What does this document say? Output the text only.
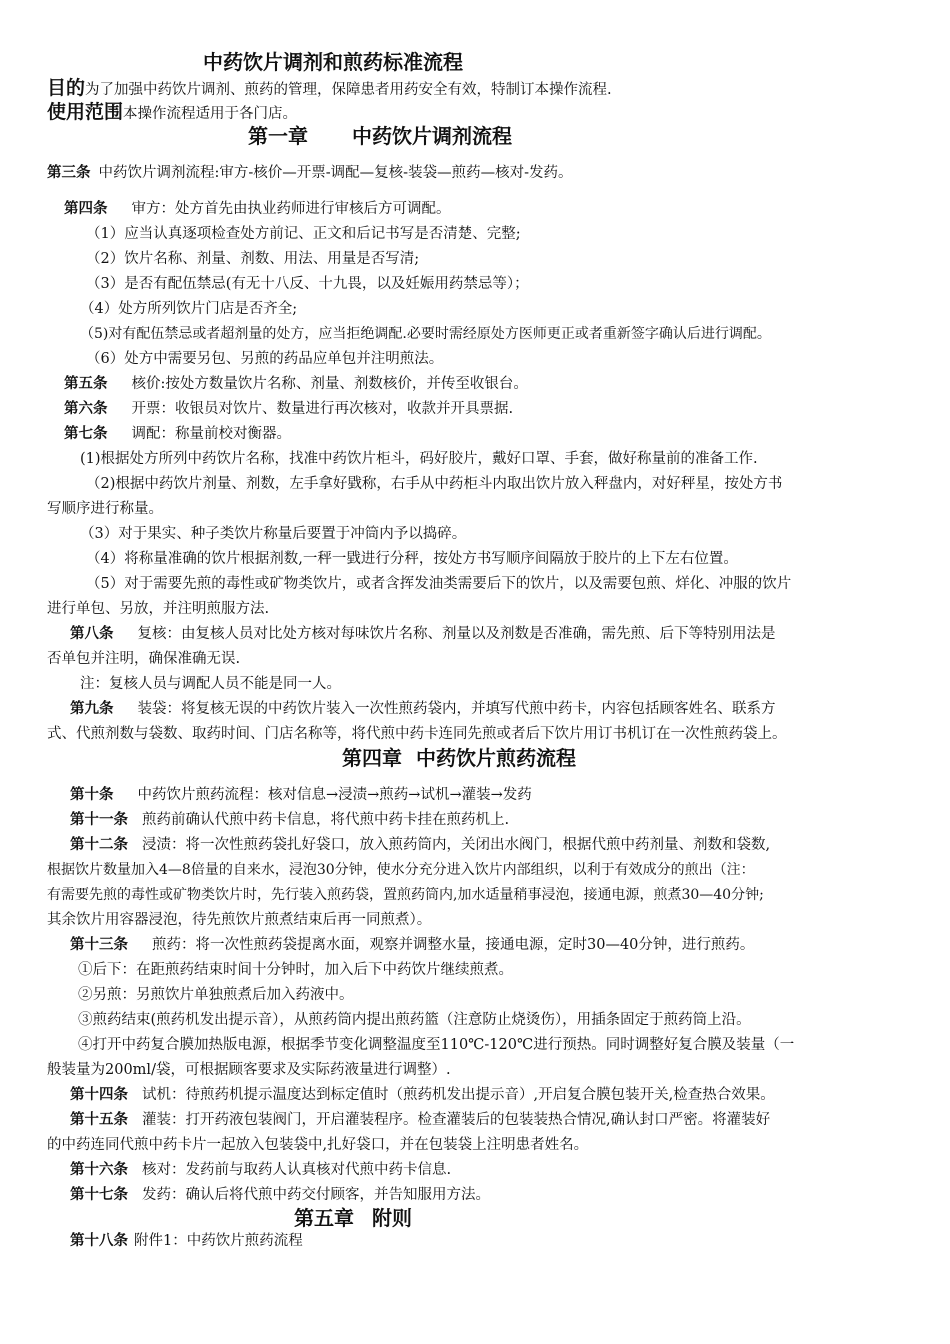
中药饮片调剂和煎药标准流程
目的为了加强中药饮片调剂、煎药的管理，保障患者用药安全有效，特制订本操作流程.
使用范围本操作流程适用于各门店。
第一章 中药饮片调剂流程
第三条 中药饮片调剂流程:审方-核价—开票-调配—复核-装袋—煎药—核对-发药。
第四条 审方：处方首先由执业药师进行审核后方可调配。
（1）应当认真逐项检查处方前记、正文和后记书写是否清楚、完整;
（2）饮片名称、剂量、剂数、用法、用量是否写清;
（3）是否有配伍禁忌(有无十八反、十九畏，以及妊娠用药禁忌等）；
（4）处方所列饮片门店是否齐全;
（5)对有配伍禁忌或者超剂量的处方，应当拒绝调配.必要时需经原处方医师更正或者重新签字确认后进行调配。
（6）处方中需要另包、另煎的药品应单包并注明煎法。
第五条 核价:按处方数量饮片名称、剂量、剂数核价，并传至收银台。
第六条 开票：收银员对饮片、数量进行再次核对，收款并开具票据.
第七条 调配：称量前校对衡器。
(1)根据处方所列中药饮片名称，找准中药饮片柜斗，码好胶片，戴好口罩、手套，做好称量前的准备工作.
（2)根据中药饮片剂量、剂数，左手拿好戥称，右手从中药柜斗内取出饮片放入秤盘内，对好秤星，按处方书
写顺序进行称量。
（3）对于果实、种子类饮片称量后要置于冲筒内予以捣碎。
（4）将称量准确的饮片根据剂数,一秤一戥进行分秤，按处方书写顺序间隔放于胶片的上下左右位置。
（5）对于需要先煎的毒性或矿物类饮片，或者含挥发油类需要后下的饮片，以及需要包煎、烊化、冲服的饮片
进行单包、另放，并注明煎服方法.
第八条 复核：由复核人员对比处方核对每味饮片名称、剂量以及剂数是否准确，需先煎、后下等特别用法是
否单包并注明，确保准确无误.
注：复核人员与调配人员不能是同一人。
第九条 装袋：将复核无误的中药饮片装入一次性煎药袋内，并填写代煎中药卡，内容包括顾客姓名、联系方
式、代煎剂数与袋数、取药时间、门店名称等，将代煎中药卡连同先煎或者后下饮片用订书机订在一次性煎药袋上。
第四章 中药饮片煎药流程
第十条 中药饮片煎药流程：核对信息→浸渍→煎药→试机→灌装→发药
第十一条 煎药前确认代煎中药卡信息，将代煎中药卡挂在煎药机上.
第十二条 浸渍：将一次性煎药袋扎好袋口，放入煎药筒内，关闭出水阀门，根据代煎中药剂量、剂数和袋数,
根据饮片数量加入4—8倍量的自来水，浸泡30分钟，使水分充分进入饮片内部组织，以利于有效成分的煎出（注：
有需要先煎的毒性或矿物类饮片时，先行装入煎药袋，置煎药筒内,加水适量稍事浸泡，接通电源，煎煮30—40分钟;
其余饮片用容器浸泡，待先煎饮片煎煮结束后再一同煎煮）。
第十三条 煎药：将一次性煎药袋提离水面，观察并调整水量，接通电源，定时30—40分钟，进行煎药。
①后下：在距煎药结束时间十分钟时，加入后下中药饮片继续煎煮。
②另煎：另煎饮片单独煎煮后加入药液中。
③煎药结束(煎药机发出提示音），从煎药筒内提出煎药篮（注意防止烧烫伤），用插条固定于煎药筒上沿。
④打开中药复合膜加热版电源，根据季节变化调整温度至110℃-120℃进行预热。同时调整好复合膜及装量（一
般装量为200ml/袋，可根据顾客要求及实际药液量进行调整）.
第十四条 试机：待煎药机提示温度达到标定值时（煎药机发出提示音）,开启复合膜包装开关,检查热合效果。
第十五条 灌装：打开药液包装阀门，开启灌装程序。检查灌装后的包装装热合情况,确认封口严密。将灌装好
的中药连同代煎中药卡片一起放入包装袋中,扎好袋口，并在包装袋上注明患者姓名。
第十六条 核对：发药前与取药人认真核对代煎中药卡信息.
第十七条 发药：确认后将代煎中药交付顾客，并告知服用方法。
第五章 附则
第十八条 附件1：中药饮片煎药流程
